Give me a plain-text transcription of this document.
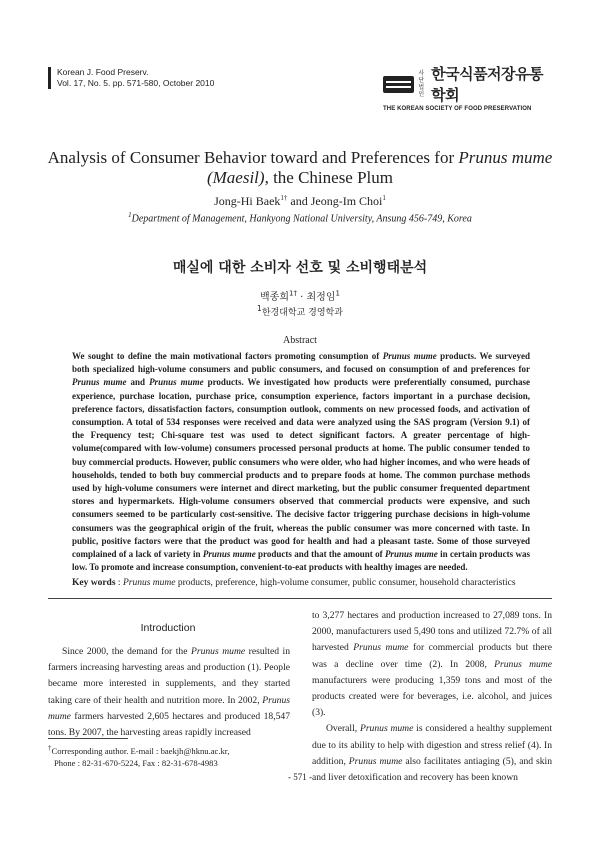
Korean J. Food Preserv.
Vol. 17, No. 5. pp. 571-580, October 2010
사단법인
한국식품저장유통학회
THE KOREAN SOCIETY OF FOOD PRESERVATION
Analysis of Consumer Behavior toward and Preferences for Prunus mume (Maesil), the Chinese Plum
Jong-Hi Baek$^{1\dagger}$ and Jeong-Im Choi$^1$
$^1$Department of Management, Hankyong National University, Ansung 456-749, Korea
매실에 대한 소비자 선호 및 소비행태분석
백종희$^{1\dagger}$ · 최정임$^1$
$^1$한경대학교 경영학과
Abstract
We sought to define the main motivational factors promoting consumption of Prunus mume products. We surveyed both specialized high-volume consumers and public consumers, and focused on consumption of and preferences for Prunus mume and Prunus mume products. We investigated how products were preferentially consumed, purchase experience, purchase location, purchase price, consumption experience, factors important in a purchase decision, preference factors, dissatisfaction factors, consumption outlook, comments on new processed foods, and activation of consumption. A total of 534 responses were received and data were analyzed using the SAS program (Version 9.1) of the Frequency test; Chi-square test was used to detect significant factors. A greater percentage of high-volume(compared with low-volume) consumers processed personal products at home. The public consumer tended to buy commercial products. However, public consumers who were older, who had higher incomes, and who were heads of households, tended to both buy commercial products and to prepare foods at home. The common purchase methods used by high-volume consumers were internet and direct marketing, but the public consumer frequented department stores and hypermarkets. High-volume consumers observed that commercial products were expensive, and such consumers seemed to be particularly cost-sensitive. The decisive factor triggering purchase decisions in high-volume consumers was the geographical origin of the fruit, whereas the public consumer was more concerned with taste. In public, positive factors were that the product was good for health and had a pleasant taste. Some of those surveyed complained of a lack of variety in Prunus mume products and that the amount of Prunus mume in certain products was low. To promote and increase consumption, convenient-to-eat products with healthy images are needed.
Key words : Prunus mume products, preference, high-volume consumer, public consumer, household characteristics
Introduction

Since 2000, the demand for the Prunus mume resulted in farmers increasing harvesting areas and production (1). People became more interested in supplements, and they started taking care of their health and nutrition more. In 2002, Prunus mume farmers harvested 2,605 hectares and produced 18,547 tons. By 2007, the harvesting areas rapidly increased

to 3,277 hectares and production increased to 27,089 tons. In 2000, manufacturers used 5,490 tons and utilized 72.7% of all harvested Prunus mume for commercial products but there was a decline over time (2). In 2008, Prunus mume manufacturers were producing 1,359 tons and most of the products created were for beverages, i.e. alcohol, and juices (3).

Overall, Prunus mume is considered a healthy supplement due to its ability to help with digestion and stress relief (4). In addition, Prunus mume also facilitates antiaging (5), and skin and liver detoxification and recovery has been known

†Corresponding author. E-mail : baekjh@hknu.ac.kr,
Phone : 82-31-670-5224, Fax : 82-31-678-4983
- 571 -
